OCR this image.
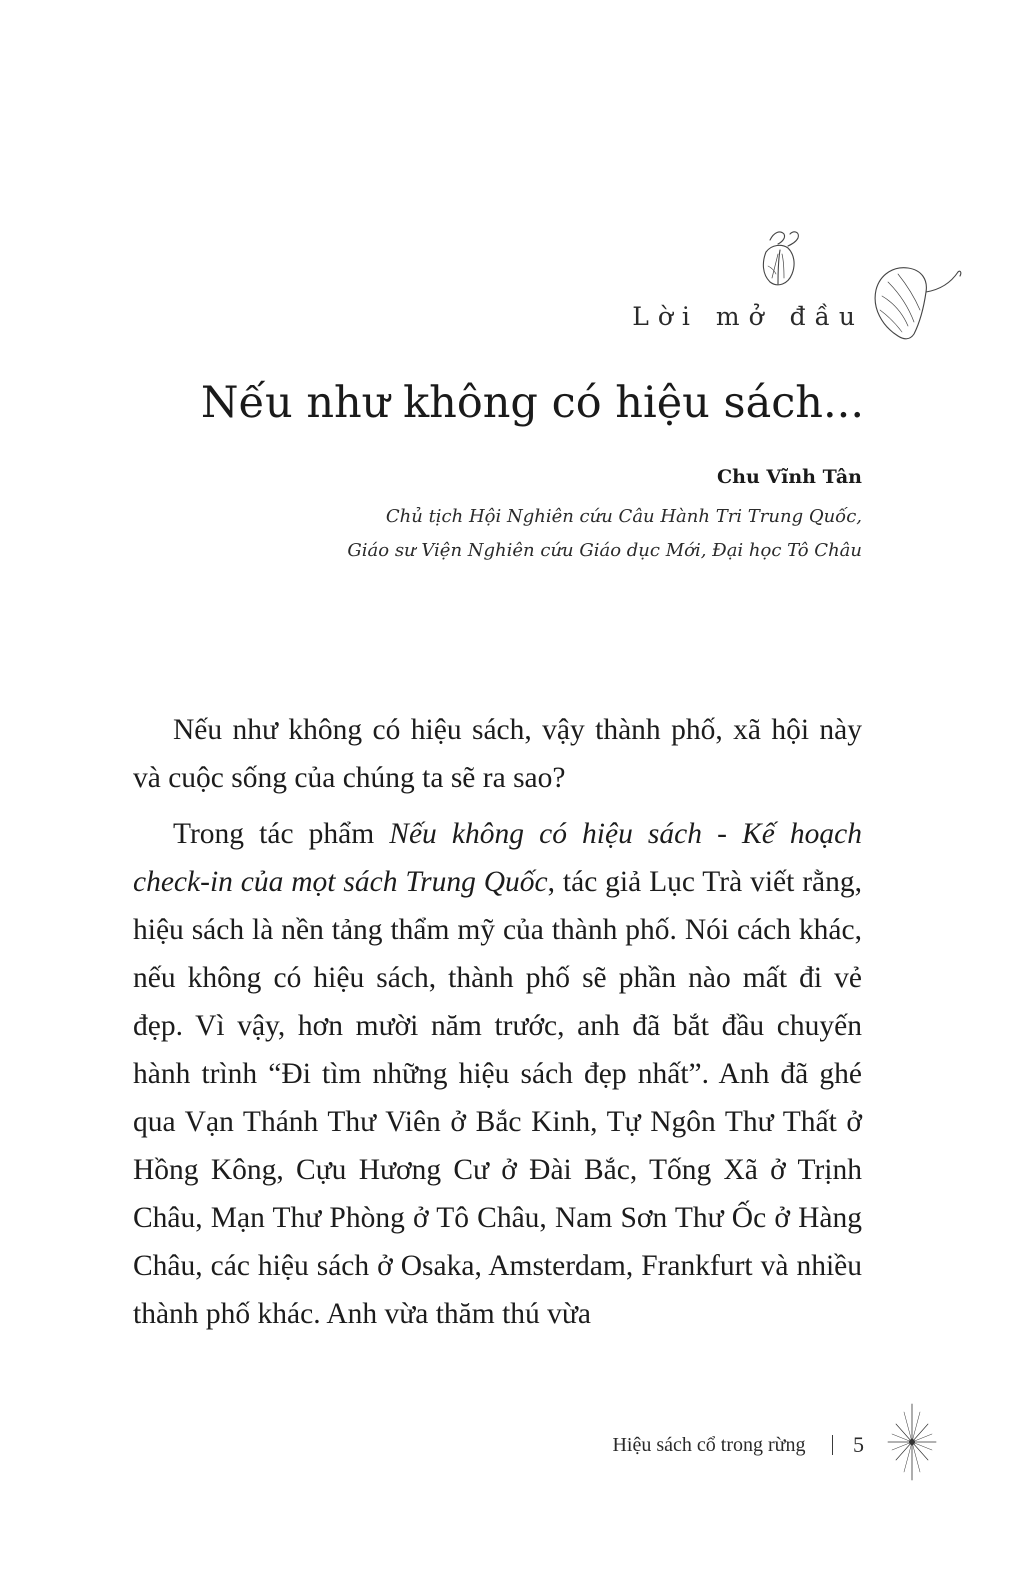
Lời mở đầu

Nếu như không có hiệu sách...

Chu Vĩnh Tân

Chủ tịch Hội Nghiên cứu Câu Hành Tri Trung Quốc,

Giáo sư Viện Nghiên cứu Giáo dục Mới, Đại học Tô Châu

Nếu như không có hiệu sách, vậy thành phố, xã hội này và cuộc sống của chúng ta sẽ ra sao?

Trong tác phẩm Nếu không có hiệu sách - Kế hoạch check-in của mọt sách Trung Quốc, tác giả Lục Trà viết rằng, hiệu sách là nền tảng thẩm mỹ của thành phố. Nói cách khác, nếu không có hiệu sách, thành phố sẽ phần nào mất đi vẻ đẹp. Vì vậy, hơn mười năm trước, anh đã bắt đầu chuyến hành trình “Đi tìm những hiệu sách đẹp nhất”. Anh đã ghé qua Vạn Thánh Thư Viên ở Bắc Kinh, Tự Ngôn Thư Thất ở Hồng Kông, Cựu Hương Cư ở Đài Bắc, Tống Xã ở Trịnh Châu, Mạn Thư Phòng ở Tô Châu, Nam Sơn Thư Ốc ở Hàng Châu, các hiệu sách ở Osaka, Amsterdam, Frankfurt và nhiều thành phố khác. Anh vừa thăm thú vừa

Hiệu sách cổ trong rừng 5
